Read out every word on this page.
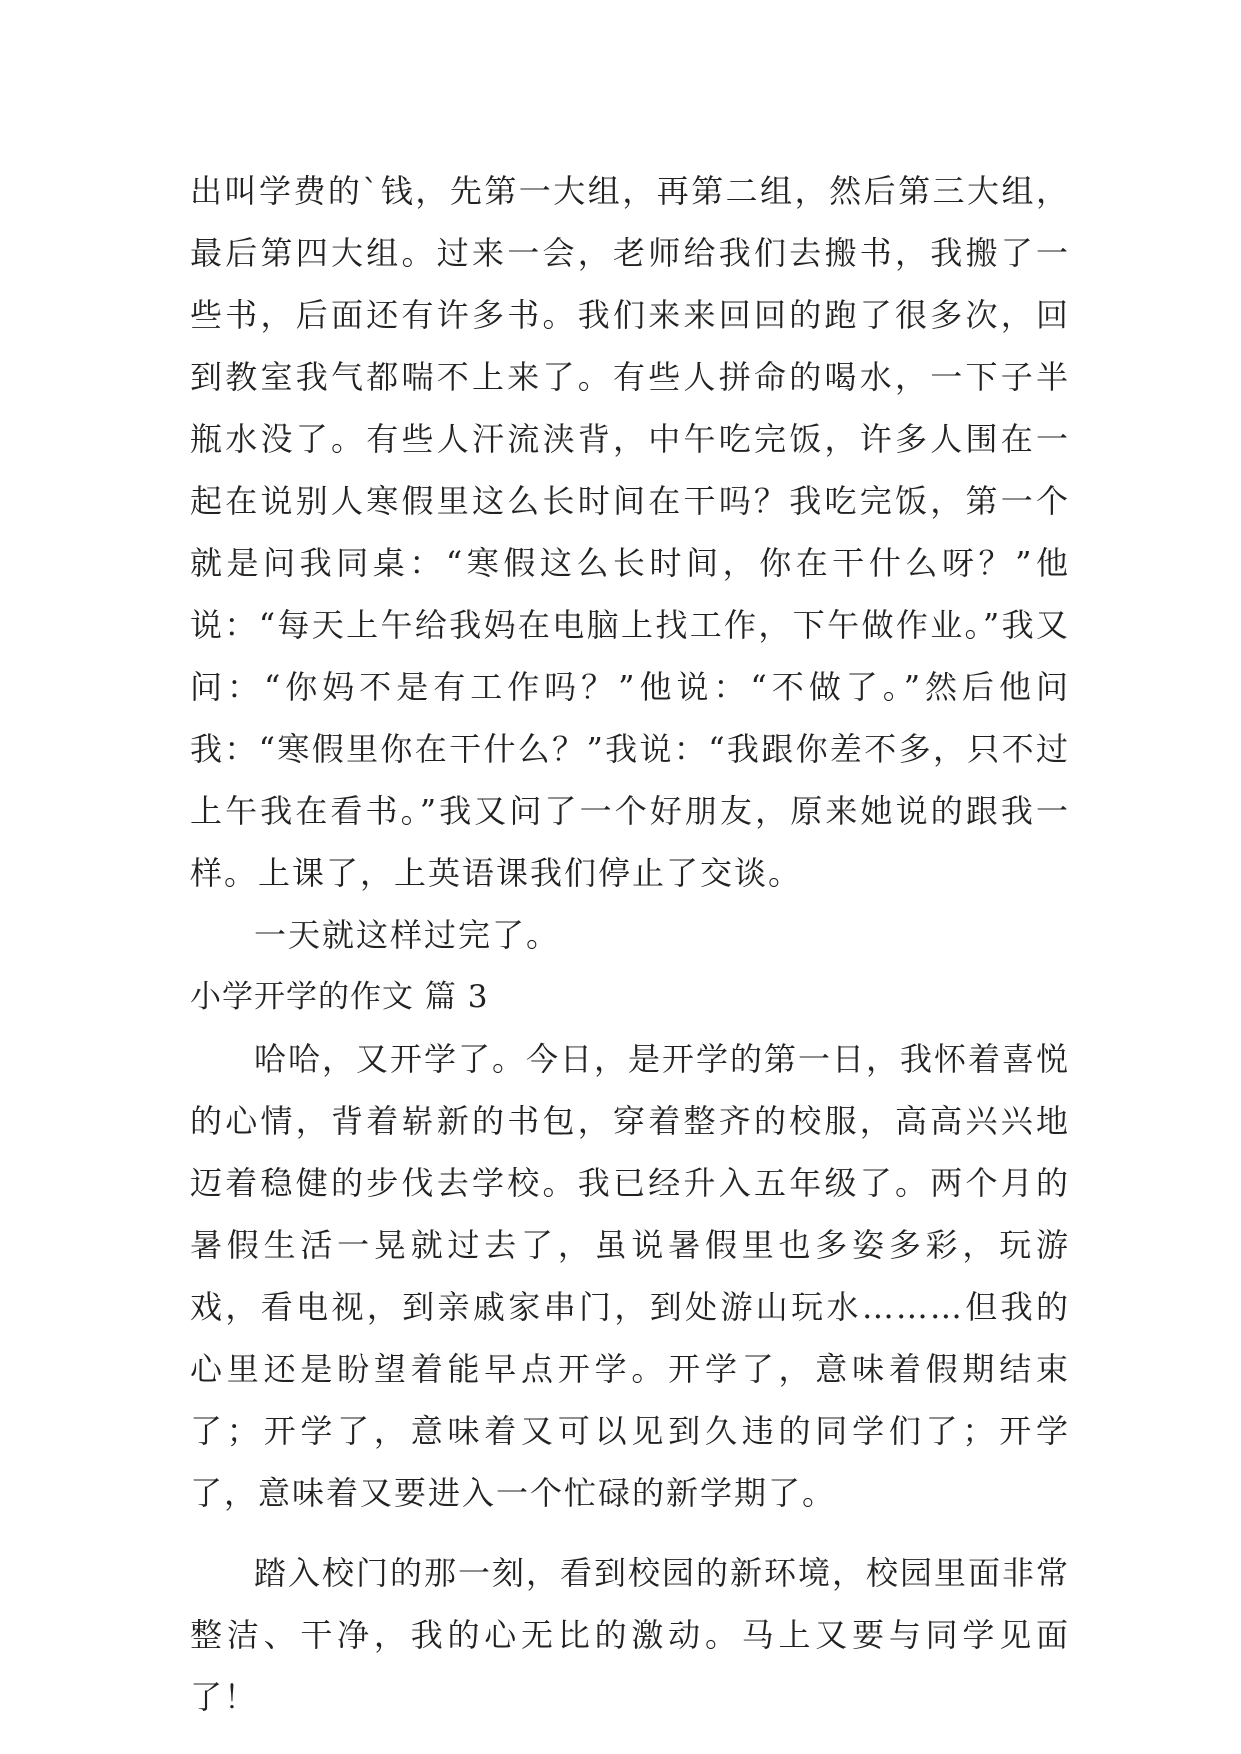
出叫学费的`钱，先第一大组，再第二组，然后第三大组，最后第四大组。过来一会，老师给我们去搬书，我搬了一些书，后面还有许多书。我们来来回回的跑了很多次，回到教室我气都喘不上来了。有些人拼命的喝水，一下子半瓶水没了。有些人汗流浃背，中午吃完饭，许多人围在一起在说别人寒假里这么长时间在干吗？我吃完饭，第一个就是问我同桌：“寒假这么长时间，你在干什么呀？”他说：“每天上午给我妈在电脑上找工作，下午做作业。”我又问：“你妈不是有工作吗？”他说：“不做了。”然后他问我：“寒假里你在干什么？”我说：“我跟你差不多，只不过上午我在看书。”我又问了一个好朋友，原来她说的跟我一样。上课了，上英语课我们停止了交谈。

一天就这样过完了。

小学开学的作文 篇 3

哈哈，又开学了。今日，是开学的第一日，我怀着喜悦的心情，背着崭新的书包，穿着整齐的校服，高高兴兴地迈着稳健的步伐去学校。我已经升入五年级了。两个月的暑假生活一晃就过去了，虽说暑假里也多姿多彩，玩游戏，看电视，到亲戚家串门，到处游山玩水………但我的心里还是盼望着能早点开学。开学了，意味着假期结束了；开学了，意味着又可以见到久违的同学们了；开学了，意味着又要进入一个忙碌的新学期了。

踏入校门的那一刻，看到校园的新环境，校园里面非常整洁、干净，我的心无比的激动。马上又要与同学见面了！
